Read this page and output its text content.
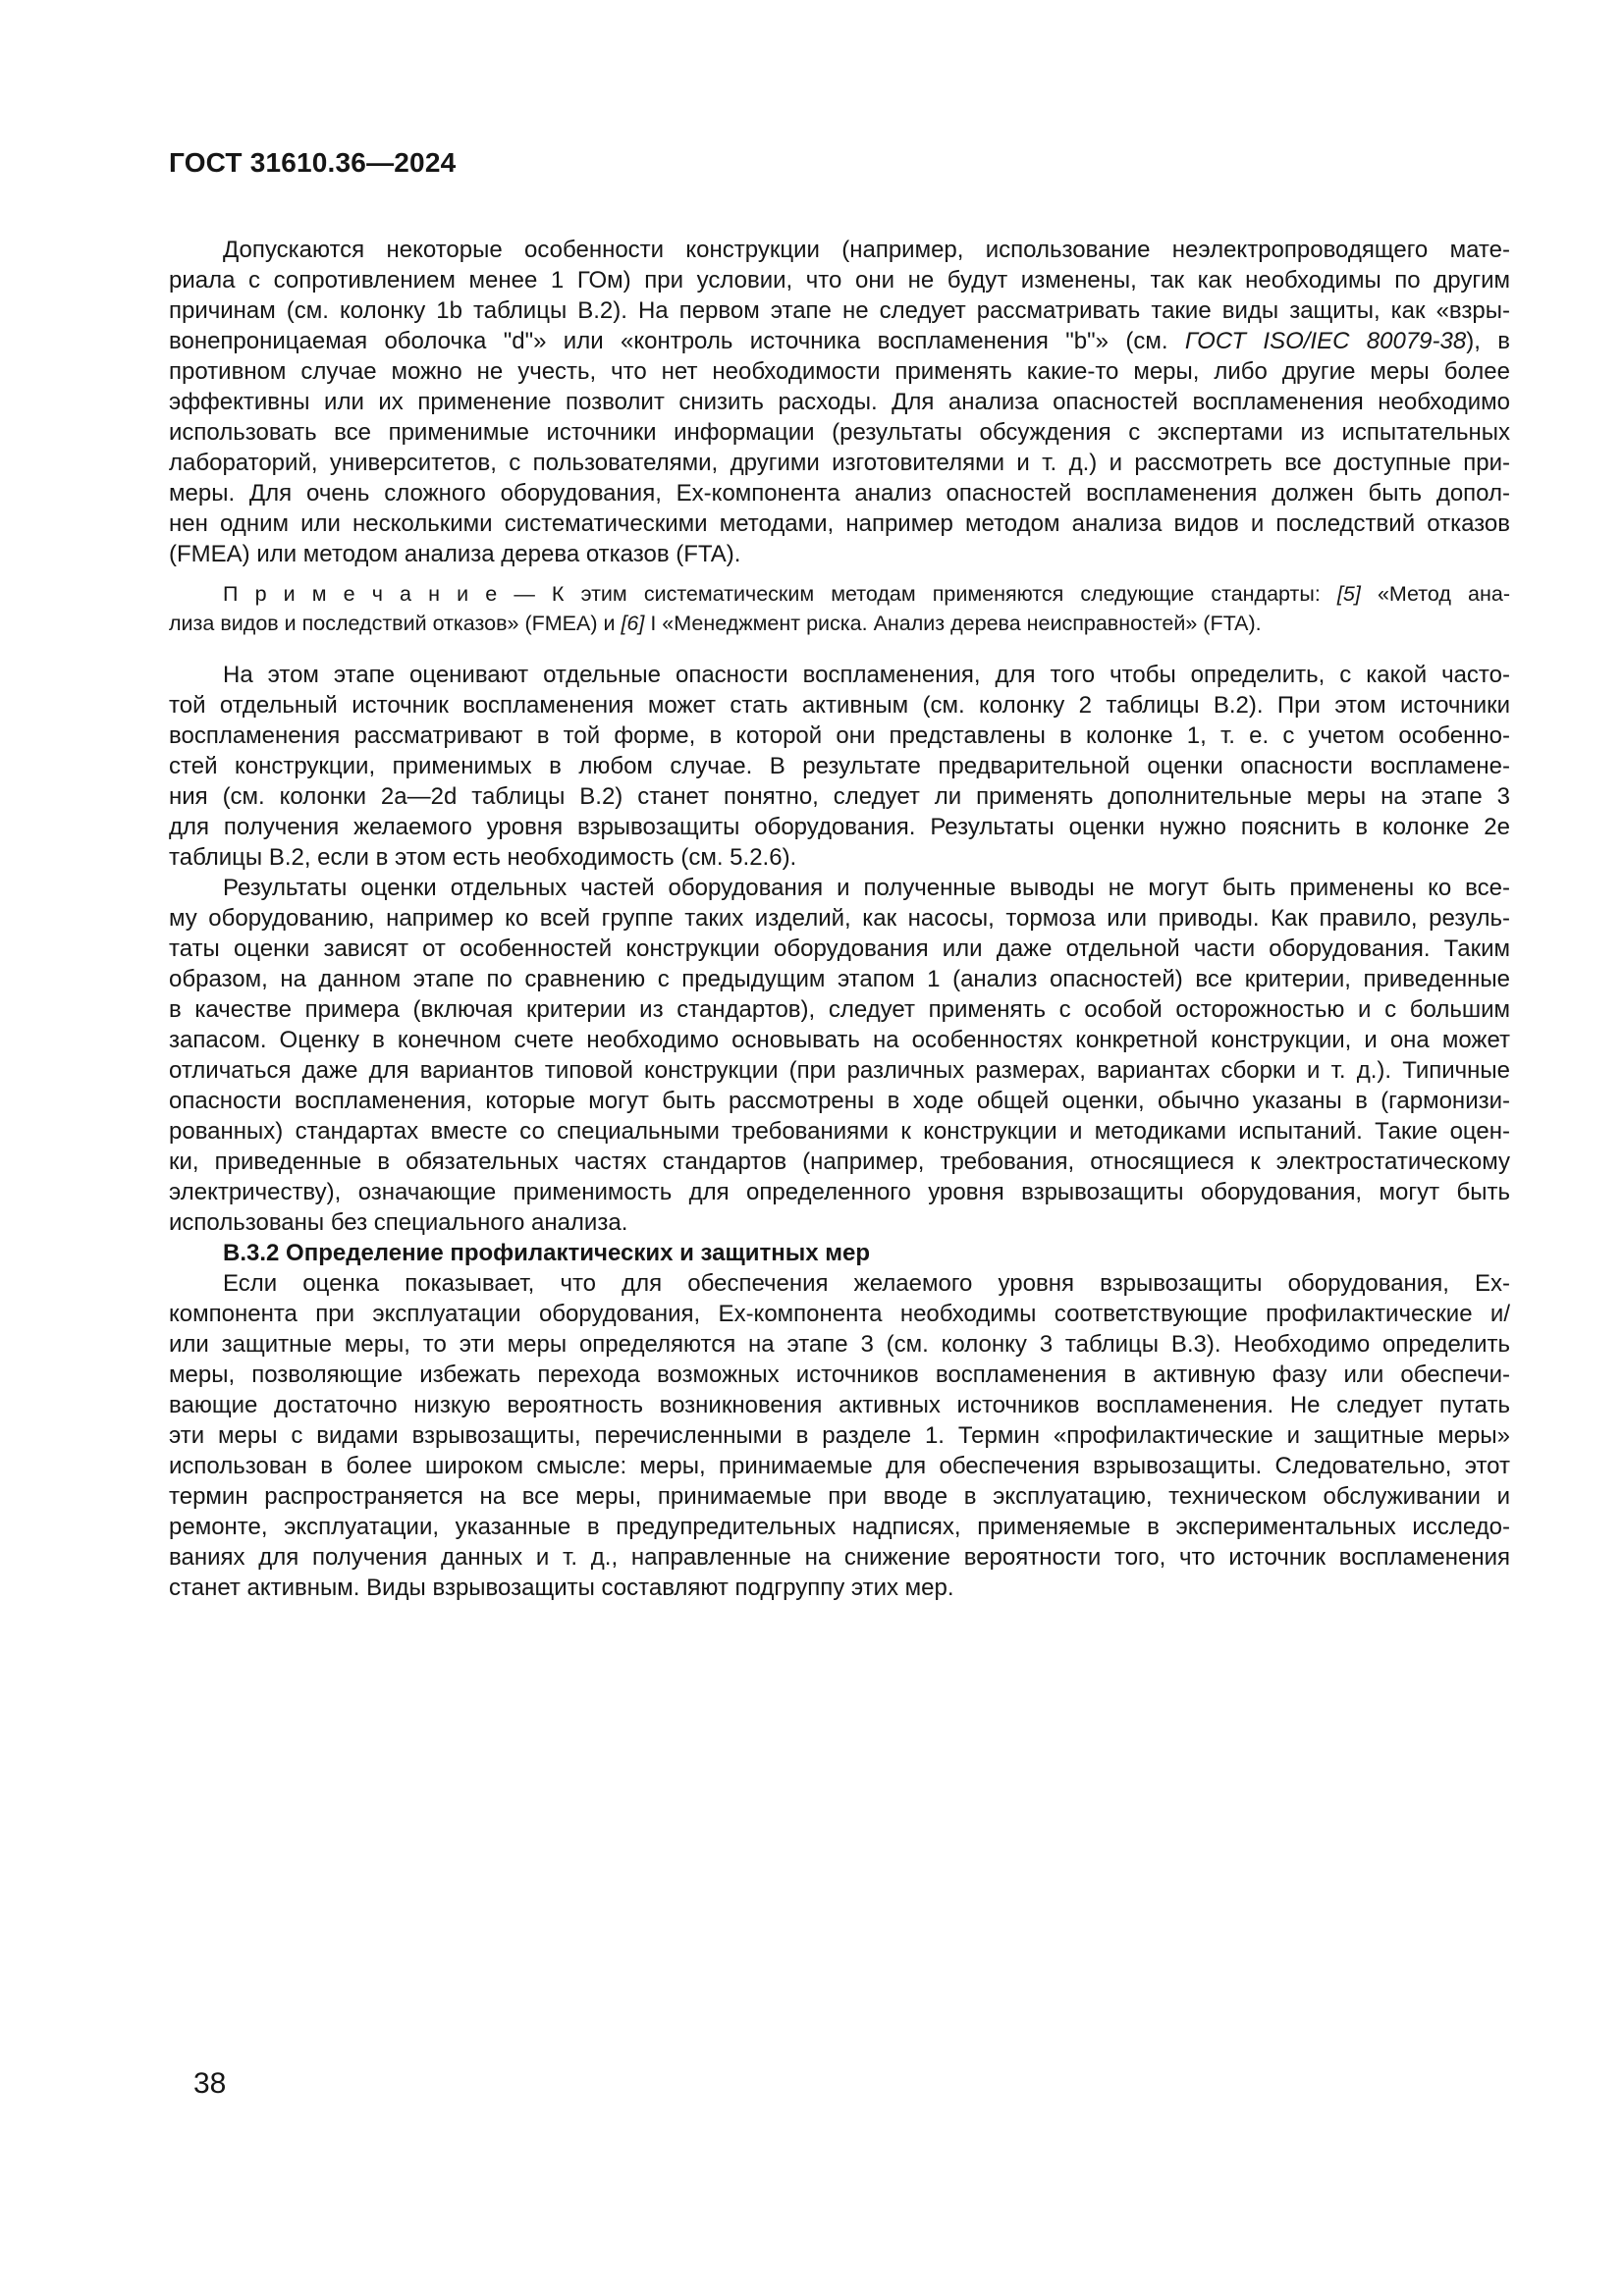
ГОСТ 31610.36—2024
Допускаются некоторые особенности конструкции (например, использование неэлектропроводящего мате-
риала с сопротивлением менее 1 ГОм) при условии, что они не будут изменены, так как необходимы по другим
причинам (см. колонку 1b таблицы В.2). На первом этапе не следует рассматривать такие виды защиты, как «взры-
вонепроницаемая оболочка "d"» или «контроль источника воспламенения "b"» (см. ГОСТ ISO/IEC 80079-38), в
противном случае можно не учесть, что нет необходимости применять какие-то меры, либо другие меры более
эффективны или их применение позволит снизить расходы. Для анализа опасностей воспламенения необходимо
использовать все применимые источники информации (результаты обсуждения с экспертами из испытательных
лабораторий, университетов, с пользователями, другими изготовителями и т. д.) и рассмотреть все доступные при-
меры. Для очень сложного оборудования, Ех-компонента анализ опасностей воспламенения должен быть допол-
нен одним или несколькими систематическими методами, например методом анализа видов и последствий отказов
(FMEA) или методом анализа дерева отказов (FTA).
П р и м е ч а н и е — К этим систематическим методам применяются следующие стандарты: [5] «Метод ана-
лиза видов и последствий отказов» (FMEA) и [6] I «Менеджмент риска. Анализ дерева неисправностей» (FTA).
На этом этапе оценивают отдельные опасности воспламенения, для того чтобы определить, с какой часто-
той отдельный источник воспламенения может стать активным (см. колонку 2 таблицы В.2). При этом источники
воспламенения рассматривают в той форме, в которой они представлены в колонке 1, т. е. с учетом особенно-
стей конструкции, применимых в любом случае. В результате предварительной оценки опасности воспламене-
ния (см. колонки 2а—2d таблицы В.2) станет понятно, следует ли применять дополнительные меры на этапе 3
для получения желаемого уровня взрывозащиты оборудования. Результаты оценки нужно пояснить в колонке 2е
таблицы В.2, если в этом есть необходимость (см. 5.2.6).
Результаты оценки отдельных частей оборудования и полученные выводы не могут быть применены ко все-
му оборудованию, например ко всей группе таких изделий, как насосы, тормоза или приводы. Как правило, резуль-
таты оценки зависят от особенностей конструкции оборудования или даже отдельной части оборудования. Таким
образом, на данном этапе по сравнению с предыдущим этапом 1 (анализ опасностей) все критерии, приведенные
в качестве примера (включая критерии из стандартов), следует применять с особой осторожностью и с большим
запасом. Оценку в конечном счете необходимо основывать на особенностях конкретной конструкции, и она может
отличаться даже для вариантов типовой конструкции (при различных размерах, вариантах сборки и т. д.). Типичные
опасности воспламенения, которые могут быть рассмотрены в ходе общей оценки, обычно указаны в (гармонизи-
рованных) стандартах вместе со специальными требованиями к конструкции и методиками испытаний. Такие оцен-
ки, приведенные в обязательных частях стандартов (например, требования, относящиеся к электростатическому
электричеству), означающие применимость для определенного уровня взрывозащиты оборудования, могут быть
использованы без специального анализа.
В.3.2 Определение профилактических и защитных мер
Если оценка показывает, что для обеспечения желаемого уровня взрывозащиты оборудования, Ех-
компонента при эксплуатации оборудования, Ех-компонента необходимы соответствующие профилактические и/
или защитные меры, то эти меры определяются на этапе 3 (см. колонку 3 таблицы В.3). Необходимо определить
меры, позволяющие избежать перехода возможных источников воспламенения в активную фазу или обеспечи-
вающие достаточно низкую вероятность возникновения активных источников воспламенения. Не следует путать
эти меры с видами взрывозащиты, перечисленными в разделе 1. Термин «профилактические и защитные меры»
использован в более широком смысле: меры, принимаемые для обеспечения взрывозащиты. Следовательно, этот
термин распространяется на все меры, принимаемые при вводе в эксплуатацию, техническом обслуживании и
ремонте, эксплуатации, указанные в предупредительных надписях, применяемые в экспериментальных исследо-
ваниях для получения данных и т. д., направленные на снижение вероятности того, что источник воспламенения
станет активным. Виды взрывозащиты составляют подгруппу этих мер.
38
